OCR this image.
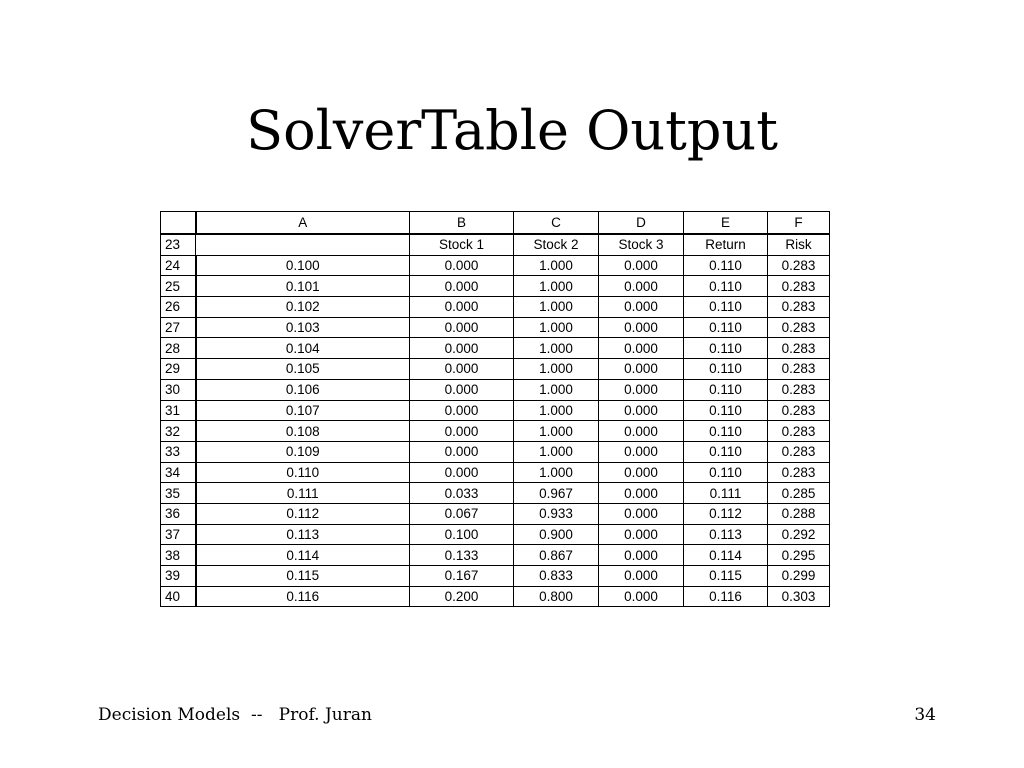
SolverTable Output
	A	B	C	D	E	F
23		Stock 1	Stock 2	Stock 3	Return	Risk
24	0.100	0.000	1.000	0.000	0.110	0.283
25	0.101	0.000	1.000	0.000	0.110	0.283
26	0.102	0.000	1.000	0.000	0.110	0.283
27	0.103	0.000	1.000	0.000	0.110	0.283
28	0.104	0.000	1.000	0.000	0.110	0.283
29	0.105	0.000	1.000	0.000	0.110	0.283
30	0.106	0.000	1.000	0.000	0.110	0.283
31	0.107	0.000	1.000	0.000	0.110	0.283
32	0.108	0.000	1.000	0.000	0.110	0.283
33	0.109	0.000	1.000	0.000	0.110	0.283
34	0.110	0.000	1.000	0.000	0.110	0.283
35	0.111	0.033	0.967	0.000	0.111	0.285
36	0.112	0.067	0.933	0.000	0.112	0.288
37	0.113	0.100	0.900	0.000	0.113	0.292
38	0.114	0.133	0.867	0.000	0.114	0.295
39	0.115	0.167	0.833	0.000	0.115	0.299
40	0.116	0.200	0.800	0.000	0.116	0.303
Decision Models  --   Prof. Juran	34
